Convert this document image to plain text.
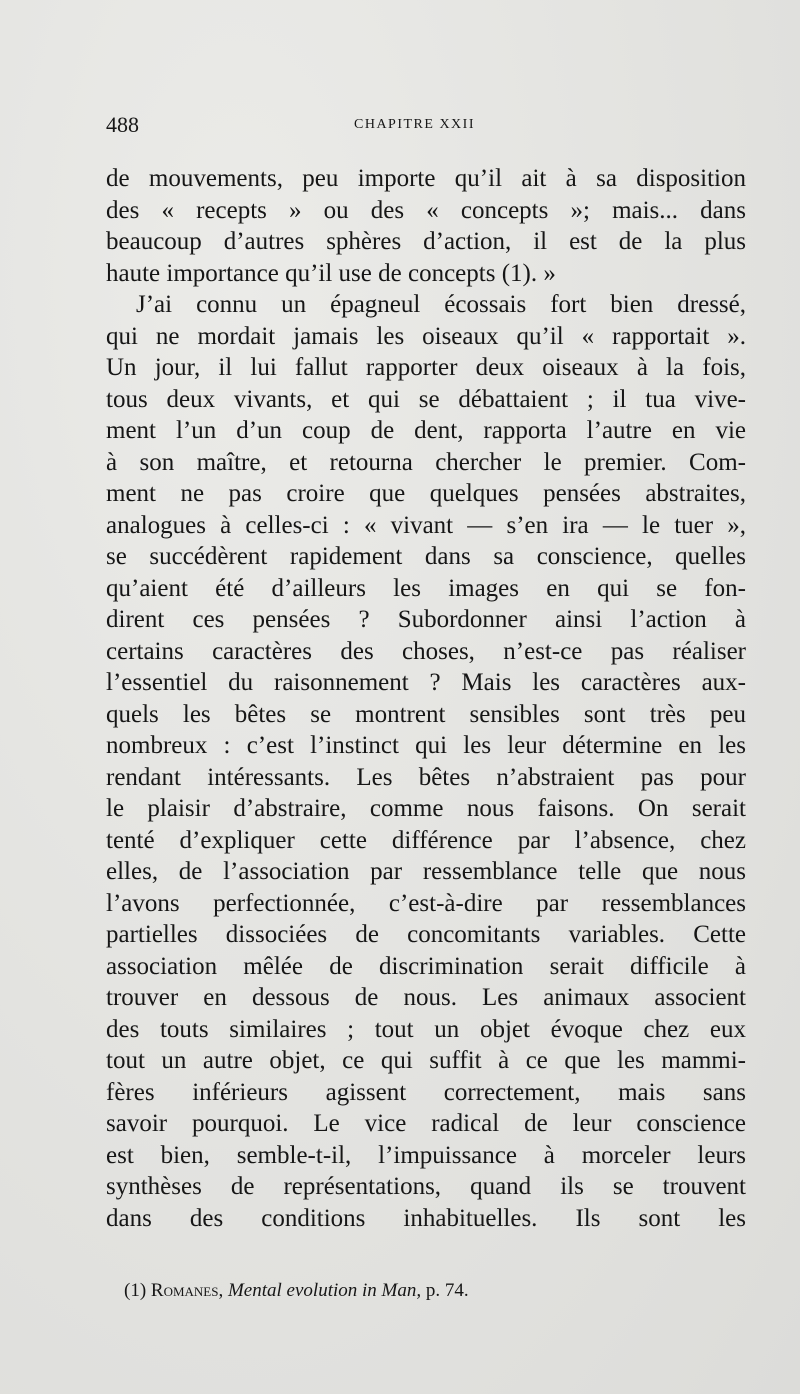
488	CHAPITRE XXII
de mouvements, peu importe qu’il ait à sa disposition
des « recepts » ou des « concepts »; mais... dans
beaucoup d’autres sphères d’action, il est de la plus
haute importance qu’il use de concepts (1). »
J’ai connu un épagneul écossais fort bien dressé,
qui ne mordait jamais les oiseaux qu’il « rapportait ».
Un jour, il lui fallut rapporter deux oiseaux à la fois,
tous deux vivants, et qui se débattaient ; il tua vive-
ment l’un d’un coup de dent, rapporta l’autre en vie
à son maître, et retourna chercher le premier. Com-
ment ne pas croire que quelques pensées abstraites,
analogues à celles-ci : « vivant — s’en ira — le tuer »,
se succédèrent rapidement dans sa conscience, quelles
qu’aient été d’ailleurs les images en qui se fon-
dirent ces pensées ? Subordonner ainsi l’action à
certains caractères des choses, n’est-ce pas réaliser
l’essentiel du raisonnement ? Mais les caractères aux-
quels les bêtes se montrent sensibles sont très peu
nombreux : c’est l’instinct qui les leur détermine en les
rendant intéressants. Les bêtes n’abstraient pas pour
le plaisir d’abstraire, comme nous faisons. On serait
tenté d’expliquer cette différence par l’absence, chez
elles, de l’association par ressemblance telle que nous
l’avons perfectionnée, c’est-à-dire par ressemblances
partielles dissociées de concomitants variables. Cette
association mêlée de discrimination serait difficile à
trouver en dessous de nous. Les animaux associent
des touts similaires ; tout un objet évoque chez eux
tout un autre objet, ce qui suffit à ce que les mammi-
fères inférieurs agissent correctement, mais sans
savoir pourquoi. Le vice radical de leur conscience
est bien, semble-t-il, l’impuissance à morceler leurs
synthèses de représentations, quand ils se trouvent
dans des conditions inhabituelles. Ils sont les
(1) Romanes, Mental evolution in Man, p. 74.
